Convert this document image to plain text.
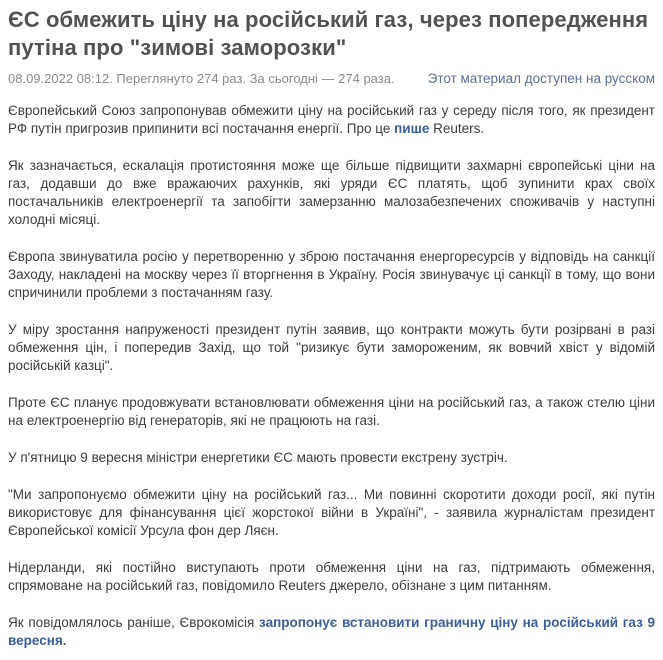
ЄС обмежить ціну на російський газ, через попередження путіна про "зимові заморозки"
08.09.2022 08:12. Переглянуто 274 раз. За сьогодні — 274 раза. Этот материал доступен на русском

Європейський Союз запропонував обмежити ціну на російський газ у середу після того, як президент РФ путін пригрозив припинити всі постачання енергії. Про це пише Reuters.

Як зазначається, ескалація протистояння може ще більше підвищити захмарні європейські ціни на газ, додавши до вже вражаючих рахунків, які уряди ЄС платять, щоб зупинити крах своїх постачальників електроенергії та запобігти замерзанню малозабезпечених споживачів у наступні холодні місяці.

Європа звинуватила росію у перетворенню у зброю постачання енергоресурсів у відповідь на санкції Заходу, накладені на москву через її вторгнення в Україну. Росія звинувачує ці санкції в тому, що вони спричинили проблеми з постачанням газу.

У міру зростання напруженості президент путін заявив, що контракти можуть бути розірвані в разі обмеження цін, і попередив Захід, що той "ризикує бути замороженим, як вовчий хвіст у відомій російській казці".

Проте ЄС планує продовжувати встановлювати обмеження ціни на російський газ, а також стелю ціни на електроенергію від генераторів, які не працюють на газі.

У п'ятницю 9 вересня міністри енергетики ЄС мають провести екстрену зустріч.

"Ми запропонуємо обмежити ціну на російський газ... Ми повинні скоротити доходи росії, які путін використовує для фінансування цієї жорстокої війни в Україні", - заявила журналістам президент Європейської комісії Урсула фон дер Ляєн.

Нідерланди, які постійно виступають проти обмеження ціни на газ, підтримають обмеження, спрямоване на російський газ, повідомило Reuters джерело, обізнане з цим питанням.

Як повідомлялось раніше, Єврокомісія запропонує встановити граничну ціну на російський газ 9 вересня.
